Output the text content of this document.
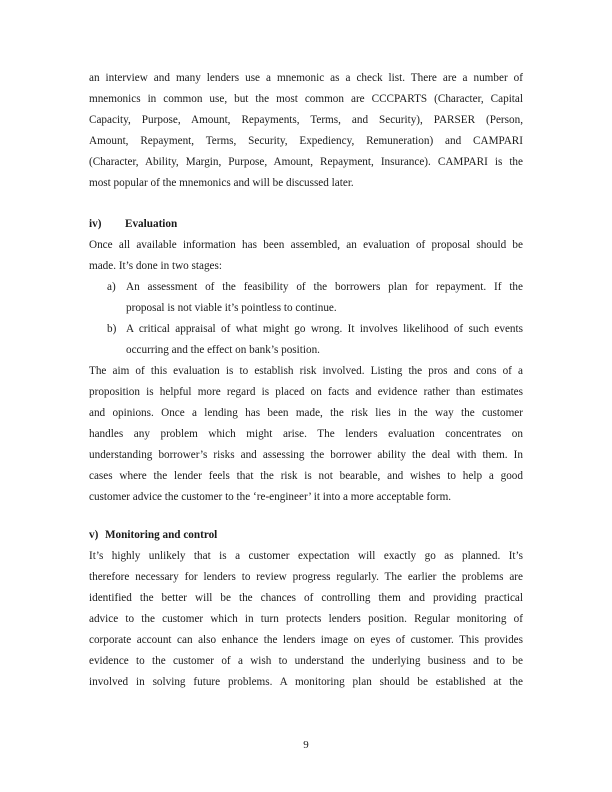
an interview and many lenders use a mnemonic as a check list. There are a number of
mnemonics in common use, but the most common are CCCPARTS (Character, Capital
Capacity, Purpose, Amount, Repayments, Terms, and Security), PARSER (Person,
Amount, Repayment, Terms, Security, Expediency, Remuneration) and CAMPARI
(Character, Ability, Margin, Purpose, Amount, Repayment, Insurance). CAMPARI is the
most popular of the mnemonics and will be discussed later.
iv) Evaluation
Once all available information has been assembled, an evaluation of proposal should be
made. It’s done in two stages:
a) An assessment of the feasibility of the borrowers plan for repayment. If the
proposal is not viable it’s pointless to continue.
b) A critical appraisal of what might go wrong. It involves likelihood of such events
occurring and the effect on bank’s position.
The aim of this evaluation is to establish risk involved. Listing the pros and cons of a
proposition is helpful more regard is placed on facts and evidence rather than estimates
and opinions. Once a lending has been made, the risk lies in the way the customer
handles any problem which might arise. The lenders evaluation concentrates on
understanding borrower’s risks and assessing the borrower ability the deal with them. In
cases where the lender feels that the risk is not bearable, and wishes to help a good
customer advice the customer to the ‘re-engineer’ it into a more acceptable form.
v) Monitoring and control
It’s highly unlikely that is a customer expectation will exactly go as planned. It’s
therefore necessary for lenders to review progress regularly. The earlier the problems are
identified the better will be the chances of controlling them and providing practical
advice to the customer which in turn protects lenders position. Regular monitoring of
corporate account can also enhance the lenders image on eyes of customer. This provides
evidence to the customer of a wish to understand the underlying business and to be
involved in solving future problems. A monitoring plan should be established at the
9
